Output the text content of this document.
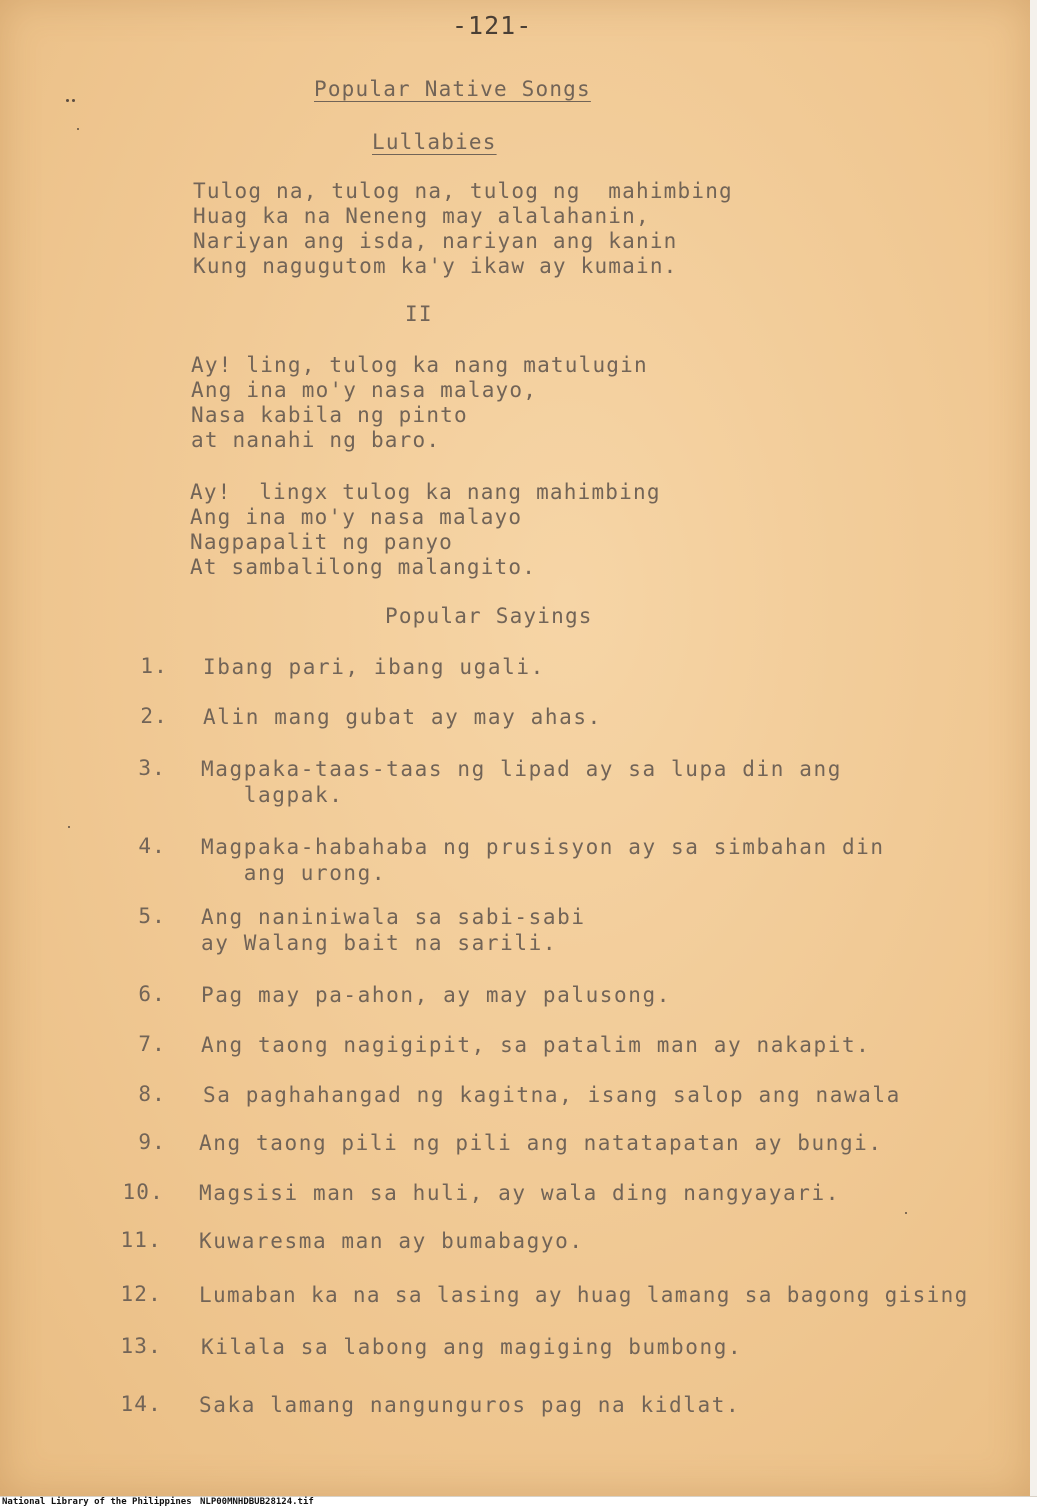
-121-
Popular Native Songs
Lullabies
Tulog na, tulog na, tulog ng  mahimbing
Huag ka na Neneng may alalahanin,
Nariyan ang isda, nariyan ang kanin
Kung nagugutom ka'y ikaw ay kumain.
II
Ay! ling, tulog ka nang matulugin
Ang ina mo'y nasa malayo,
Nasa kabila ng pinto
at nanahi ng baro.
Ay!  lingx tulog ka nang mahimbing
Ang ina mo'y nasa malayo
Nagpapalit ng panyo
At sambalilong malangito.
Popular Sayings
1. Ibang pari, ibang ugali.
2. Alin mang gubat ay may ahas.
3. Magpaka-taas-taas ng lipad ay sa lupa din ang
lagpak.
4. Magpaka-habahaba ng prusisyon ay sa simbahan din
ang urong.
5. Ang naniniwala sa sabi-sabi
ay Walang bait na sarili.
6. Pag may pa-ahon, ay may palusong.
7. Ang taong nagigipit, sa patalim man ay nakapit.
8. Sa paghahangad ng kagitna, isang salop ang nawala
9. Ang taong pili ng pili ang natatapatan ay bungi.
10. Magsisi man sa huli, ay wala ding nangyayari.
11. Kuwaresma man ay bumabagyo.
12. Lumaban ka na sa lasing ay huag lamang sa bagong gising
13. Kilala sa labong ang magiging bumbong.
14. Saka lamang nangunguros pag na kidlat.
National Library of the Philippines NLP00MNHDBUB28124.tif
